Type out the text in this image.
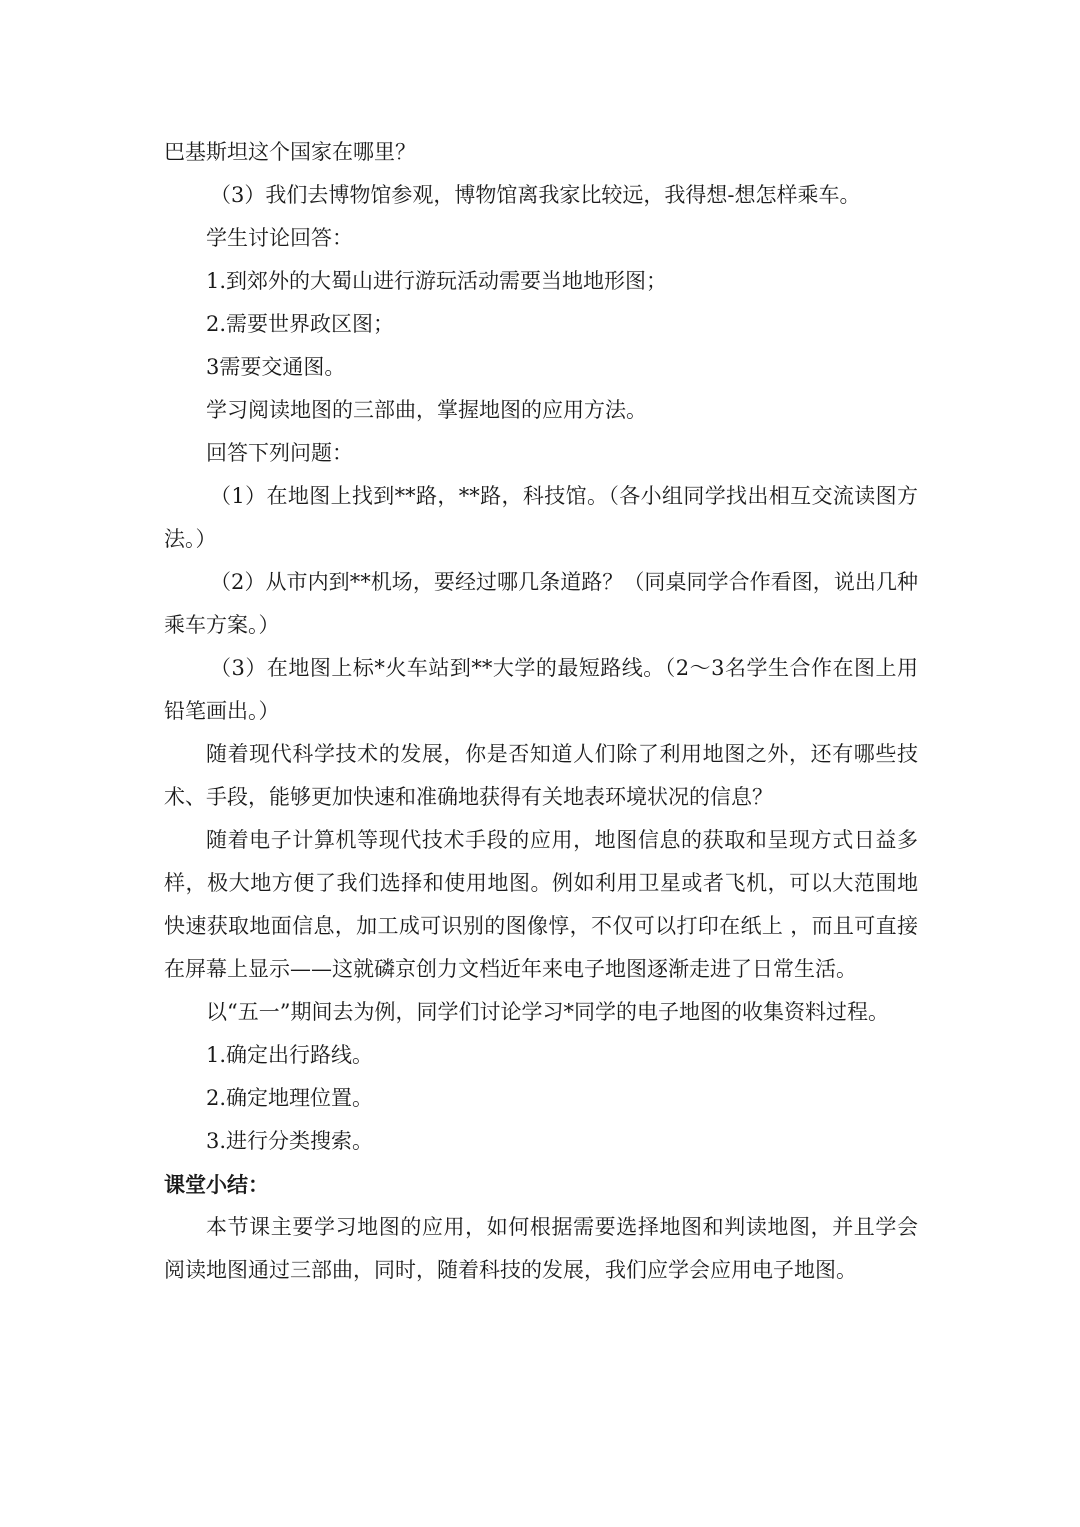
巴基斯坦这个国家在哪里？

（3）我们去博物馆参观，博物馆离我家比较远，我得想-想怎样乘车。

学生讨论回答：

1.到郊外的大蜀山进行游玩活动需要当地地形图；

2.需要世界政区图；

3需要交通图。

学习阅读地图的三部曲，掌握地图的应用方法。

回答下列问题：

（1）在地图上找到**路，**路，科技馆。（各小组同学找出相互交流读图方法。）

（2）从市内到**机场，要经过哪几条道路？（同桌同学合作看图，说出几种乘车方案。）

（3）在地图上标*火车站到**大学的最短路线。（2～3名学生合作在图上用铅笔画出。）

随着现代科学技术的发展，你是否知道人们除了利用地图之外，还有哪些技术、手段，能够更加快速和准确地获得有关地表环境状况的信息？

随着电子计算机等现代技术手段的应用，地图信息的获取和呈现方式日益多样，极大地方便了我们选择和使用地图。例如利用卫星或者飞机，可以大范围地快速获取地面信息，加工成可识别的图像惇，不仅可以打印在纸上 ，而且可直接在屏幕上显示——这就磷京创力文档近年来电子地图逐渐走进了日常生活。

以“五一”期间去为例，同学们讨论学习*同学的电子地图的收集资料过程。

1.确定出行路线。

2.确定地理位置。

3.进行分类搜索。

课堂小结：

本节课主要学习地图的应用，如何根据需要选择地图和判读地图，并且学会阅读地图通过三部曲，同时，随着科技的发展，我们应学会应用电子地图。
